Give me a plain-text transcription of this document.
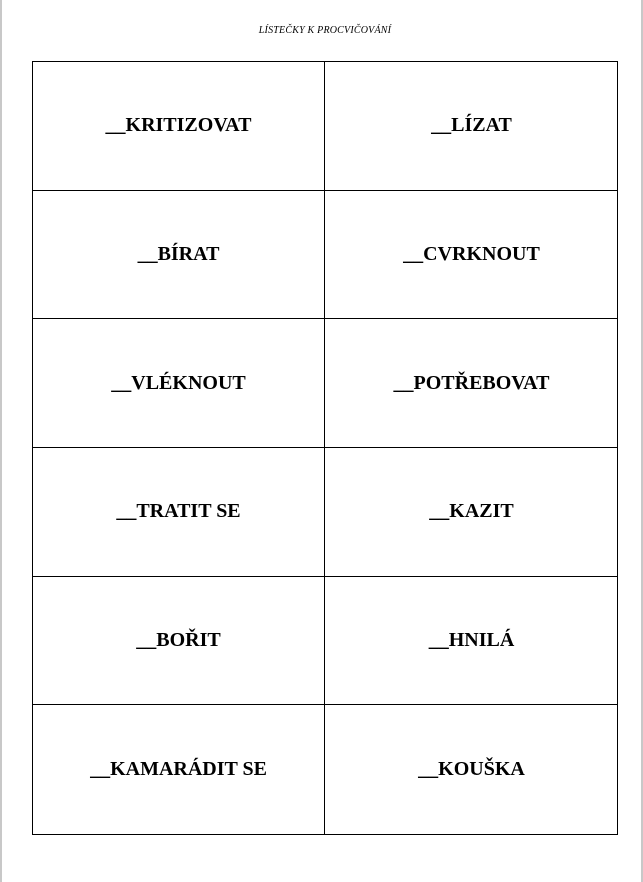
LÍSTEČKY K PROCVIČOVÁNÍ
__KRITIZOVAT	__LÍZAT
__BÍRAT	__CVRKNOUT
__VLÉKNOUT	__POTŘEBOVAT
__TRATIT SE	__KAZIT
__BOŘIT	__HNILÁ
__KAMARÁDIT SE	__KOUŠKA
